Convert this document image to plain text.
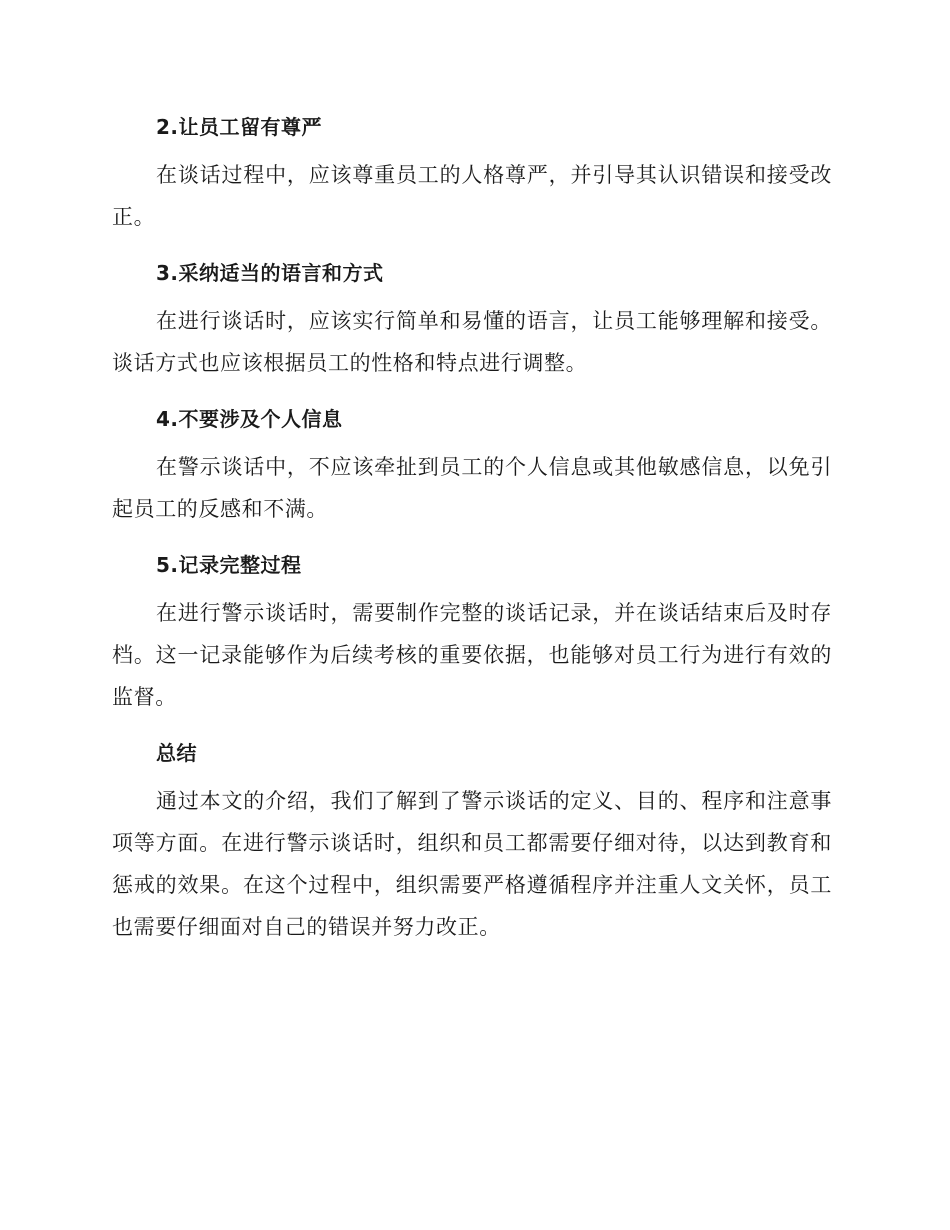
2.让员工留有尊严

在谈话过程中，应该尊重员工的人格尊严，并引导其认识错误和接受改正。

3.采纳适当的语言和方式

在进行谈话时，应该实行简单和易懂的语言，让员工能够理解和接受。谈话方式也应该根据员工的性格和特点进行调整。

4.不要涉及个人信息

在警示谈话中，不应该牵扯到员工的个人信息或其他敏感信息，以免引起员工的反感和不满。

5.记录完整过程

在进行警示谈话时，需要制作完整的谈话记录，并在谈话结束后及时存档。这一记录能够作为后续考核的重要依据，也能够对员工行为进行有效的监督。

总结

通过本文的介绍，我们了解到了警示谈话的定义、目的、程序和注意事项等方面。在进行警示谈话时，组织和员工都需要仔细对待，以达到教育和惩戒的效果。在这个过程中，组织需要严格遵循程序并注重人文关怀，员工也需要仔细面对自己的错误并努力改正。
